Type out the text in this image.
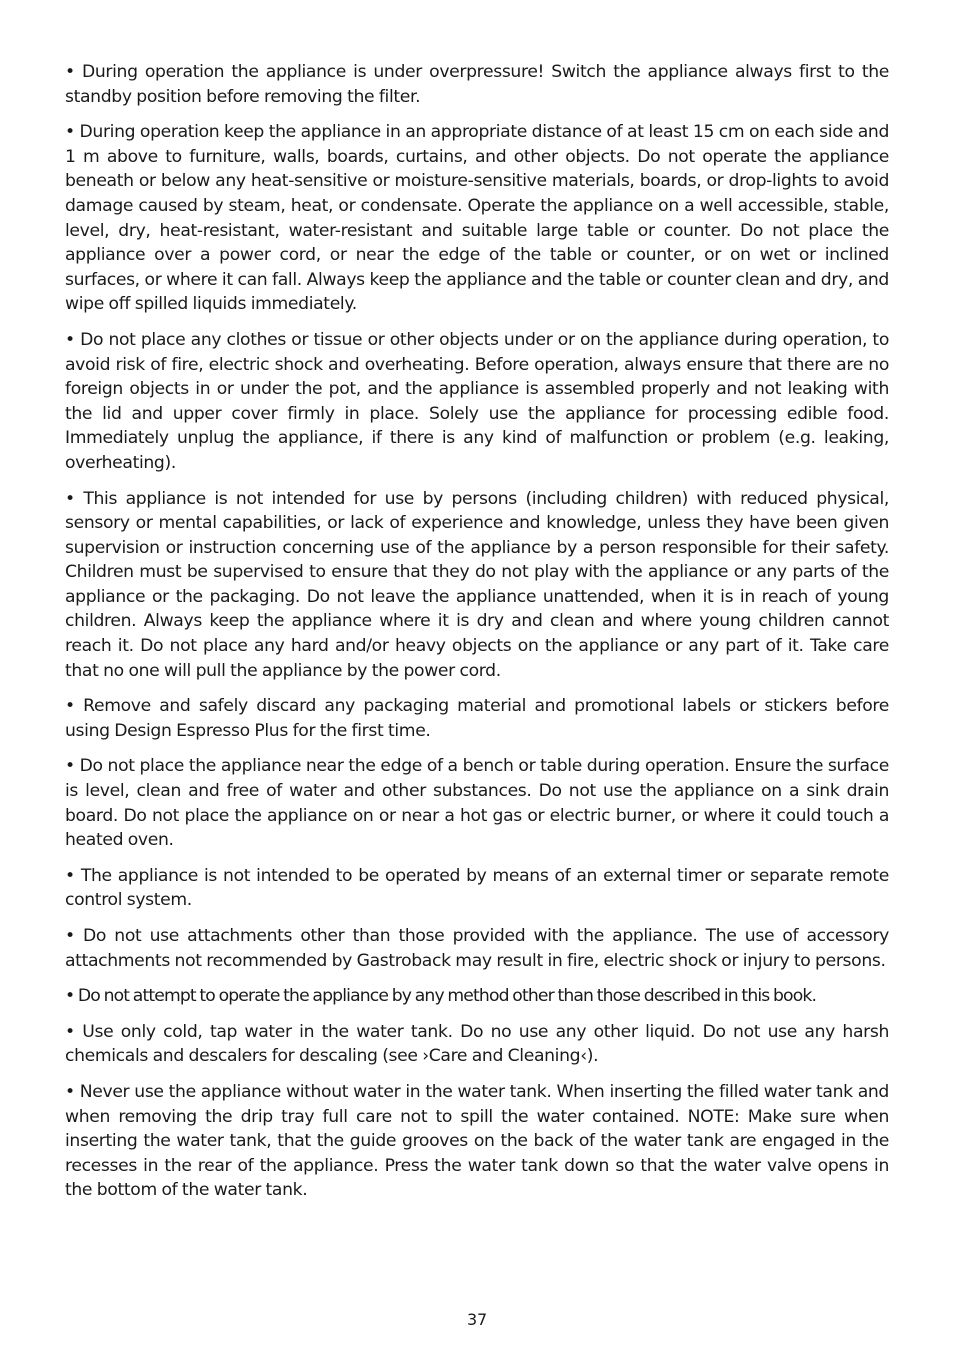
• During operation the appliance is under overpressure! Switch the appliance always first to the standby position before removing the filter.

• During operation keep the appliance in an appropriate distance of at least 15 cm on each side and 1 m above to furniture, walls, boards, curtains, and other objects. Do not operate the appliance beneath or below any heat-sensitive or moisture-sensitive materials, boards, or drop-lights to avoid damage caused by steam, heat, or condensate. Operate the appliance on a well accessible, stable, level, dry, heat-resistant, water-resistant and suitable large table or counter. Do not place the appliance over a power cord, or near the edge of the table or counter, or on wet or inclined surfaces, or where it can fall. Always keep the appliance and the table or counter clean and dry, and wipe off spilled liquids immediately.

• Do not place any clothes or tissue or other objects under or on the appliance during operation, to avoid risk of fire, electric shock and overheating. Before operation, always ensure that there are no foreign objects in or under the pot, and the appliance is assembled properly and not leaking with the lid and upper cover firmly in place. Solely use the appliance for processing edible food. Immediately unplug the appliance, if there is any kind of malfunction or problem (e.g. leaking, overheating).

• This appliance is not intended for use by persons (including children) with reduced physical, sensory or mental capabilities, or lack of experience and knowledge, unless they have been given supervision or instruction concerning use of the appliance by a person responsible for their safety. Children must be supervised to ensure that they do not play with the appliance or any parts of the appliance or the packaging. Do not leave the appliance unattended, when it is in reach of young children. Always keep the appliance where it is dry and clean and where young children cannot reach it. Do not place any hard and/or heavy objects on the appliance or any part of it. Take care that no one will pull the appliance by the power cord.

• Remove and safely discard any packaging material and promotional labels or stickers before using Design Espresso Plus for the first time.

• Do not place the appliance near the edge of a bench or table during operation. Ensure the surface is level, clean and free of water and other substances. Do not use the appliance on a sink drain board. Do not place the appliance on or near a hot gas or electric burner, or where it could touch a heated oven.

• The appliance is not intended to be operated by means of an external timer or separate remote control system.

• Do not use attachments other than those provided with the appliance. The use of accessory attachments not recommended by Gastroback may result in fire, electric shock or injury to persons.

• Do not attempt to operate the appliance by any method other than those described in this book.

• Use only cold, tap water in the water tank. Do no use any other liquid. Do not use any harsh chemicals and descalers for descaling (see ›Care and Cleaning‹).

• Never use the appliance without water in the water tank. When inserting the filled water tank and when removing the drip tray full care not to spill the water contained. NOTE: Make sure when inserting the water tank, that the guide grooves on the back of the water tank are engaged in the recesses in the rear of the appliance. Press the water tank down so that the water valve opens in the bottom of the water tank.

37
